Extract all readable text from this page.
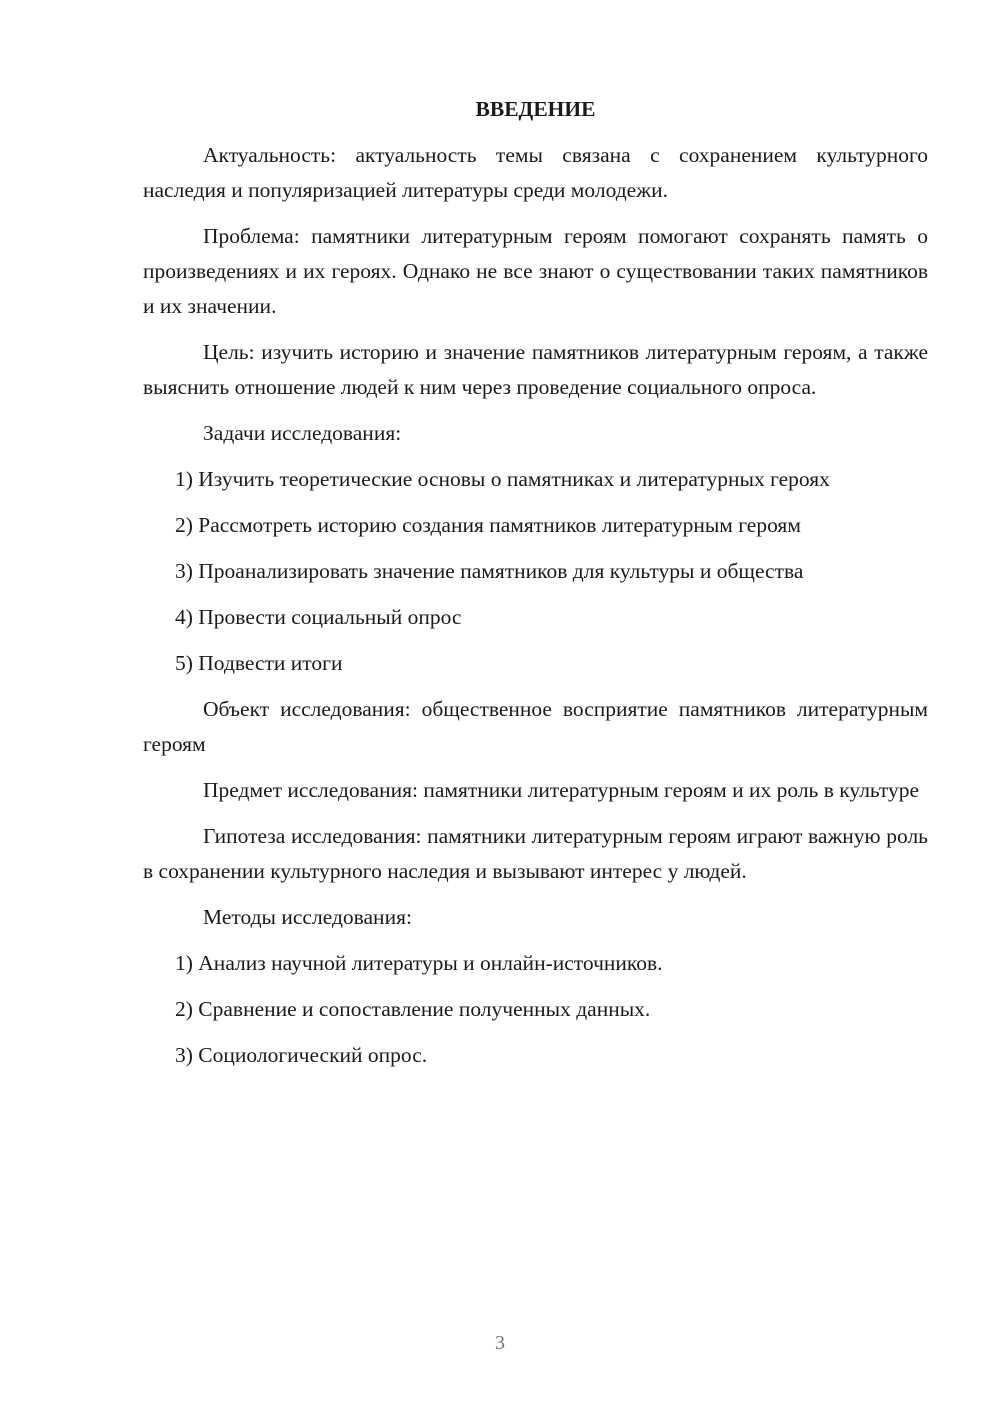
ВВЕДЕНИЕ
Актуальность: актуальность темы связана с сохранением культурного наследия и популяризацией литературы среди молодежи.
Проблема: памятники литературным героям помогают сохранять память о произведениях и их героях. Однако не все знают о существовании таких памятников и их значении.
Цель: изучить историю и значение памятников литературным героям, а также выяснить отношение людей к ним через проведение социального опроса.
Задачи исследования:
1) Изучить теоретические основы о памятниках и литературных героях
2) Рассмотреть историю создания памятников литературным героям
3) Проанализировать значение памятников для культуры и общества
4) Провести социальный опрос
5) Подвести итоги
Объект исследования: общественное восприятие памятников литературным героям
Предмет исследования: памятники литературным героям и их роль в культуре
Гипотеза исследования: памятники литературным героям играют важную роль в сохранении культурного наследия и вызывают интерес у людей.
Методы исследования:
1) Анализ научной литературы и онлайн-источников.
2) Сравнение и сопоставление полученных данных.
3) Социологический опрос.
3
